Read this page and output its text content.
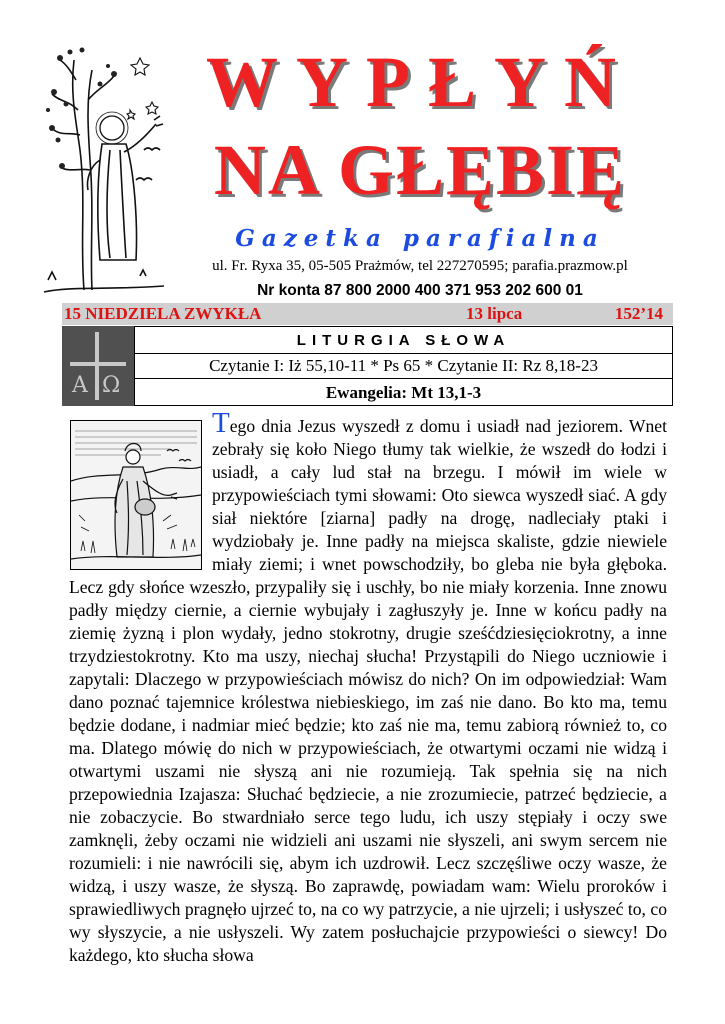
WYPŁYŃ
NA GŁĘBIĘ
Gazetka parafialna
ul. Fr. Ryxa 35, 05-505 Prażmów, tel 227270595; parafia.prazmow.pl
Nr konta 87 800 2000 400 371 953 202 600 01
15 NIEDZIELA ZWYKŁA	13 lipca	152’14
Α Ω
LITURGIA SŁOWA
Czytanie I: Iż 55,10-11 * Ps 65 * Czytanie II: Rz 8,18-23
Ewangelia: Mt 13,1-3
Tego dnia Jezus wyszedł z domu i usiadł nad jeziorem. Wnet zebrały się koło Niego tłumy tak wielkie, że wszedł do łodzi i usiadł, a cały lud stał na brzegu. I mówił im wiele w przypowieściach tymi słowami: Oto siewca wyszedł siać. A gdy siał niektóre [ziarna] padły na drogę, nadleciały ptaki i wydziobały je. Inne padły na miejsca skaliste, gdzie niewiele miały ziemi; i wnet powschodziły, bo gleba nie była głęboka. Lecz gdy słońce wzeszło, przypaliły się i uschły, bo nie miały korzenia. Inne znowu padły między ciernie, a ciernie wybujały i zagłuszyły je. Inne w końcu padły na ziemię żyzną i plon wydały, jedno stokrotny, drugie sześćdziesięciokrotny, a inne trzydziestokrotny. Kto ma uszy, niechaj słucha! Przystąpili do Niego uczniowie i zapytali: Dlaczego w przypowieściach mówisz do nich? On im odpowiedział: Wam dano poznać tajemnice królestwa niebieskiego, im zaś nie dano. Bo kto ma, temu będzie dodane, i nadmiar mieć będzie; kto zaś nie ma, temu zabiorą również to, co ma. Dlatego mówię do nich w przypowieściach, że otwartymi oczami nie widzą i otwartymi uszami nie słyszą ani nie rozumieją. Tak spełnia się na nich przepowiednia Izajasza: Słuchać będziecie, a nie zrozumiecie, patrzeć będziecie, a nie zobaczycie. Bo stwardniało serce tego ludu, ich uszy stępiały i oczy swe zamknęli, żeby oczami nie widzieli ani uszami nie słyszeli, ani swym sercem nie rozumieli: i nie nawrócili się, abym ich uzdrowił. Lecz szczęśliwe oczy wasze, że widzą, i uszy wasze, że słyszą. Bo zaprawdę, powiadam wam: Wielu proroków i sprawiedliwych pragnęło ujrzeć to, na co wy patrzycie, a nie ujrzeli; i usłyszeć to, co wy słyszycie, a nie usłyszeli. Wy zatem posłuchajcie przypowieści o siewcy! Do każdego, kto słucha słowa
